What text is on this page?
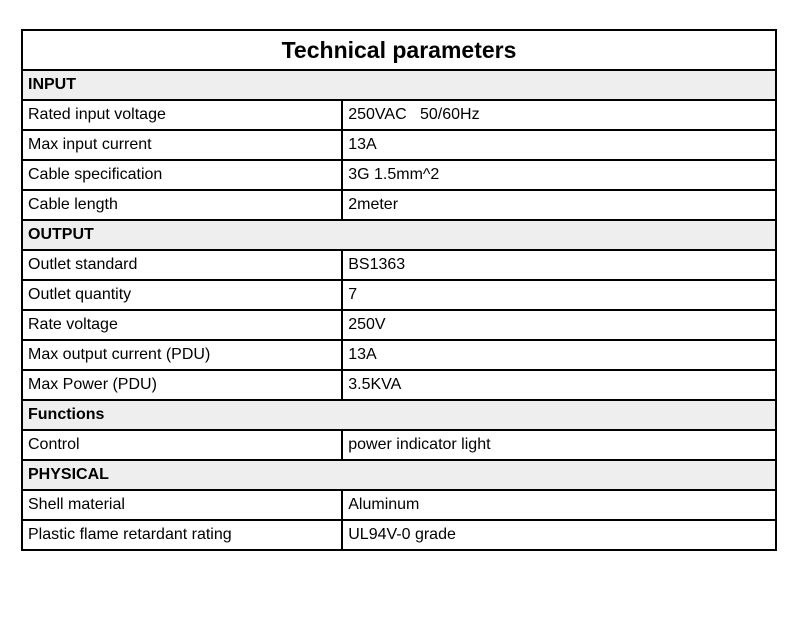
Technical parameters	
INPUT	
Rated input voltage	250VAC   50/60Hz
Max input current	13A
Cable specification	3G 1.5mm^2
Cable length	2meter
OUTPUT	
Outlet standard	BS1363
Outlet quantity	7
Rate voltage	250V
Max output current (PDU)	13A
Max Power (PDU)	3.5KVA
Functions	
Control	power indicator light
PHYSICAL	
Shell material	Aluminum
Plastic flame retardant rating	UL94V-0 grade
